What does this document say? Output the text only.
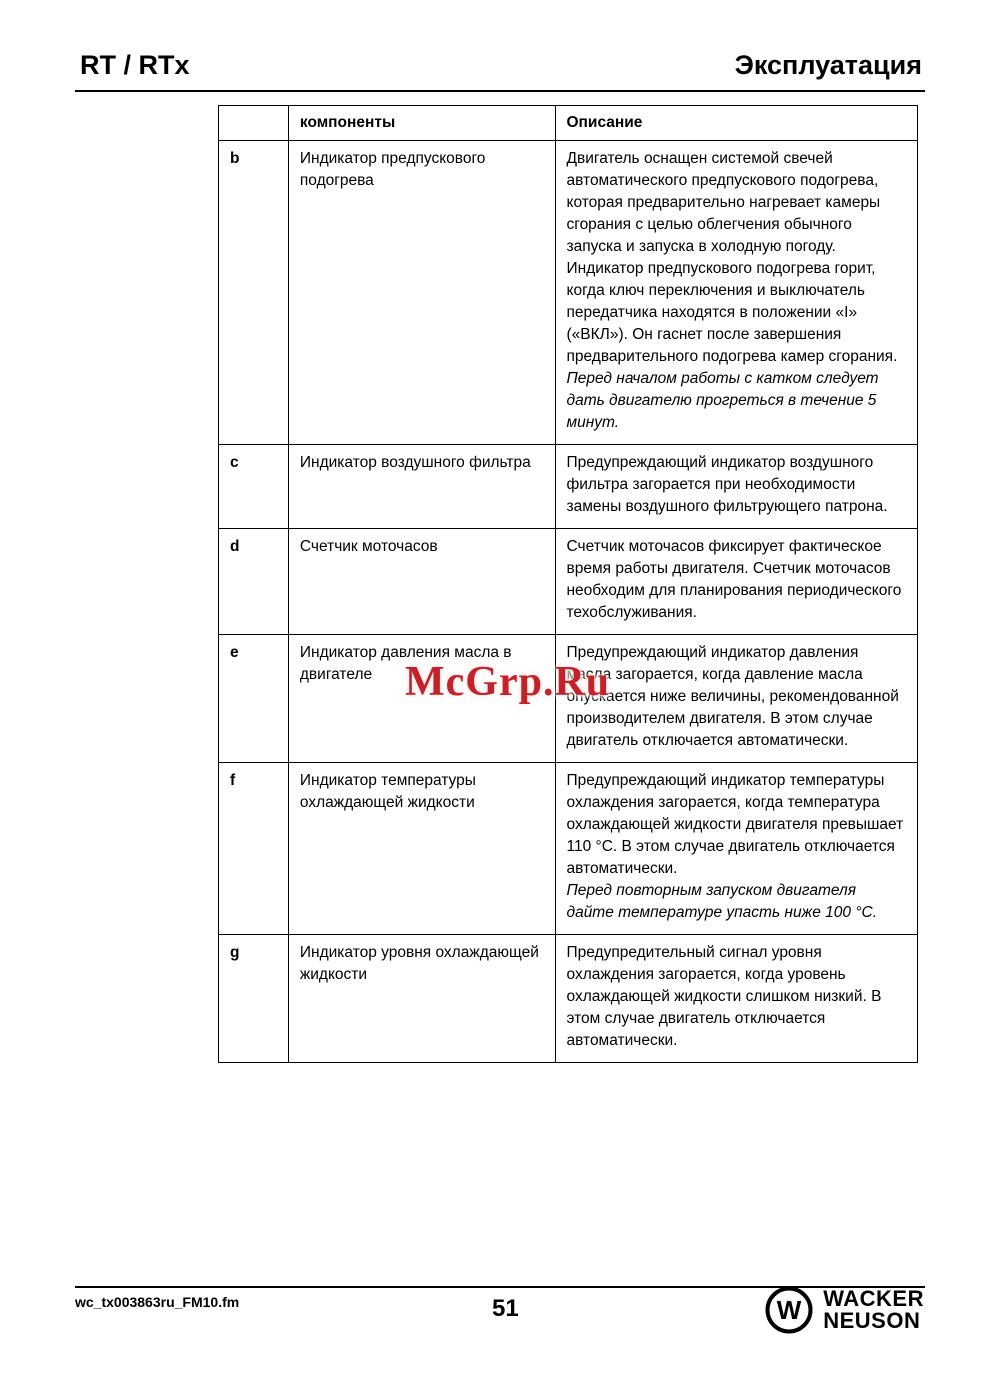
RT / RTx	Эксплуатация
	компоненты	Описание
b	Индикатор предпускового подогрева	Двигатель оснащен системой свечей автоматического предпускового подогрева, которая предварительно нагревает камеры сгорания с целью облегчения обычного запуска и запуска в холодную погоду. Индикатор предпускового подогрева горит, когда ключ переключения и выключатель передатчика находятся в положении «I» («ВКЛ»). Он гаснет после завершения предварительного подогрева камер сгорания.
Перед началом работы с катком следует дать двигателю прогреться в течение 5 минут.

c	Индикатор воздушного фильтра	Предупреждающий индикатор воздушного фильтра загорается при необходимости замены воздушного фильтрующего патрона.

d	Счетчик моточасов	Счетчик моточасов фиксирует фактическое время работы двигателя. Счетчик моточасов необходим для планирования периодического техобслуживания.

e	Индикатор давления масла в двигателе	Предупреждающий индикатор давления масла загорается, когда давление масла опускается ниже величины, рекомендованной производителем двигателя. В этом случае двигатель отключается автоматически.

f	Индикатор температуры охлаждающей жидкости	Предупреждающий индикатор температуры охлаждения загорается, когда температура охлаждающей жидкости двигателя превышает 110 °C. В этом случае двигатель отключается автоматически.
Перед повторным запуском двигателя дайте температуре упасть ниже 100 °C.

g	Индикатор уровня охлаждающей жидкости	Предупредительный сигнал уровня охлаждения загорается, когда уровень охлаждающей жидкости слишком низкий. В этом случае двигатель отключается автоматически.
McGrp.Ru
wc_tx003863ru_FM10.fm	51	W WACKER
NEUSON
